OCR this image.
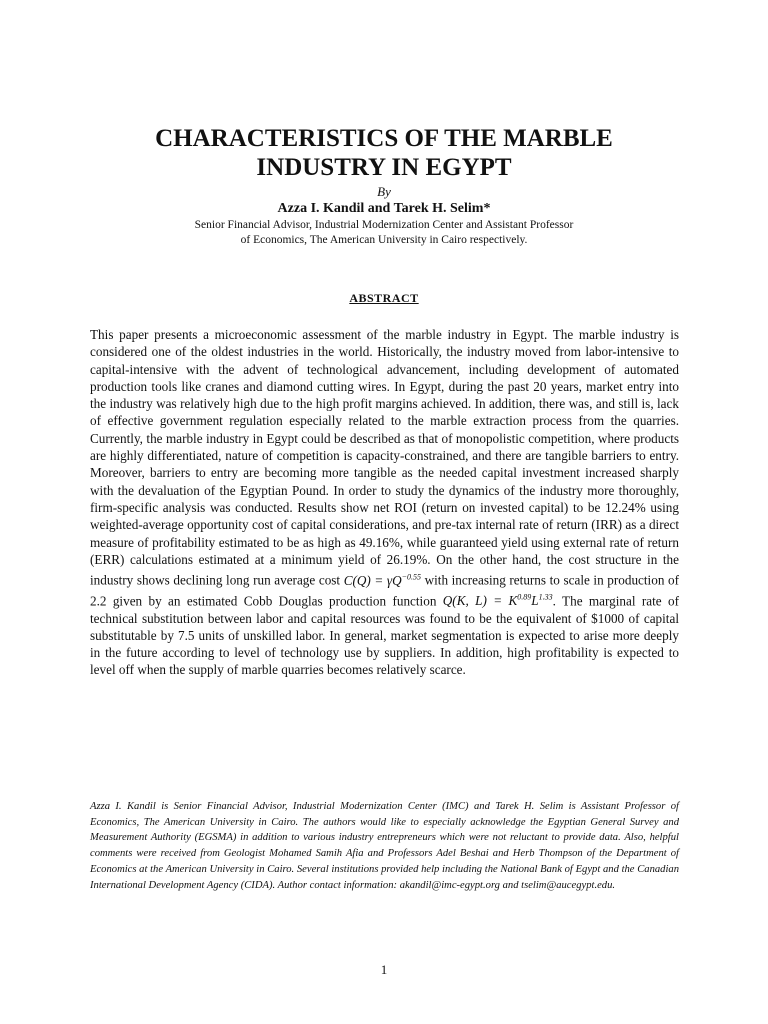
CHARACTERISTICS OF THE MARBLE
INDUSTRY IN EGYPT
By
Azza I. Kandil and Tarek H. Selim*
Senior Financial Advisor, Industrial Modernization Center and Assistant Professor
of Economics, The American University in Cairo respectively.
ABSTRACT

This paper presents a microeconomic assessment of the marble industry in Egypt. The marble industry is considered one of the oldest industries in the world. Historically, the industry moved from labor-intensive to capital-intensive with the advent of technological advancement, including development of automated production tools like cranes and diamond cutting wires. In Egypt, during the past 20 years, market entry into the industry was relatively high due to the high profit margins achieved. In addition, there was, and still is, lack of effective government regulation especially related to the marble extraction process from the quarries. Currently, the marble industry in Egypt could be described as that of monopolistic competition, where products are highly differentiated, nature of competition is capacity-constrained, and there are tangible barriers to entry. Moreover, barriers to entry are becoming more tangible as the needed capital investment increased sharply with the devaluation of the Egyptian Pound. In order to study the dynamics of the industry more thoroughly, firm-specific analysis was conducted. Results show net ROI (return on invested capital) to be 12.24% using weighted-average opportunity cost of capital considerations, and pre-tax internal rate of return (IRR) as a direct measure of profitability estimated to be as high as 49.16%, while guaranteed yield using external rate of return (ERR) calculations estimated at a minimum yield of 26.19%. On the other hand, the cost structure in the industry shows declining long run average cost $C(Q) = \gamma Q^{-0.55}$ with increasing returns to scale in production of 2.2 given by an estimated Cobb Douglas production function Q(K, $L) = K^{0.89}L^{1.33}$. The marginal rate of technical substitution between labor and capital resources was found to be the equivalent of $1000 of capital substitutable by 7.5 units of unskilled labor. In general, market segmentation is expected to arise more deeply in the future according to level of technology use by suppliers. In addition, high profitability is expected to level off when the supply of marble quarries becomes relatively scarce.

Azza I. Kandil is Senior Financial Advisor, Industrial Modernization Center (IMC) and Tarek H. Selim is Assistant Professor of Economics, The American University in Cairo. The authors would like to especially acknowledge the Egyptian General Survey and Measurement Authority (EGSMA) in addition to various industry entrepreneurs which were not reluctant to provide data. Also, helpful comments were received from Geologist Mohamed Samih Afia and Professors Adel Beshai and Herb Thompson of the Department of Economics at the American University in Cairo. Several institutions provided help including the National Bank of Egypt and the Canadian International Development Agency (CIDA). Author contact information: akandil@imc-egypt.org and tselim@aucegypt.edu.

1
